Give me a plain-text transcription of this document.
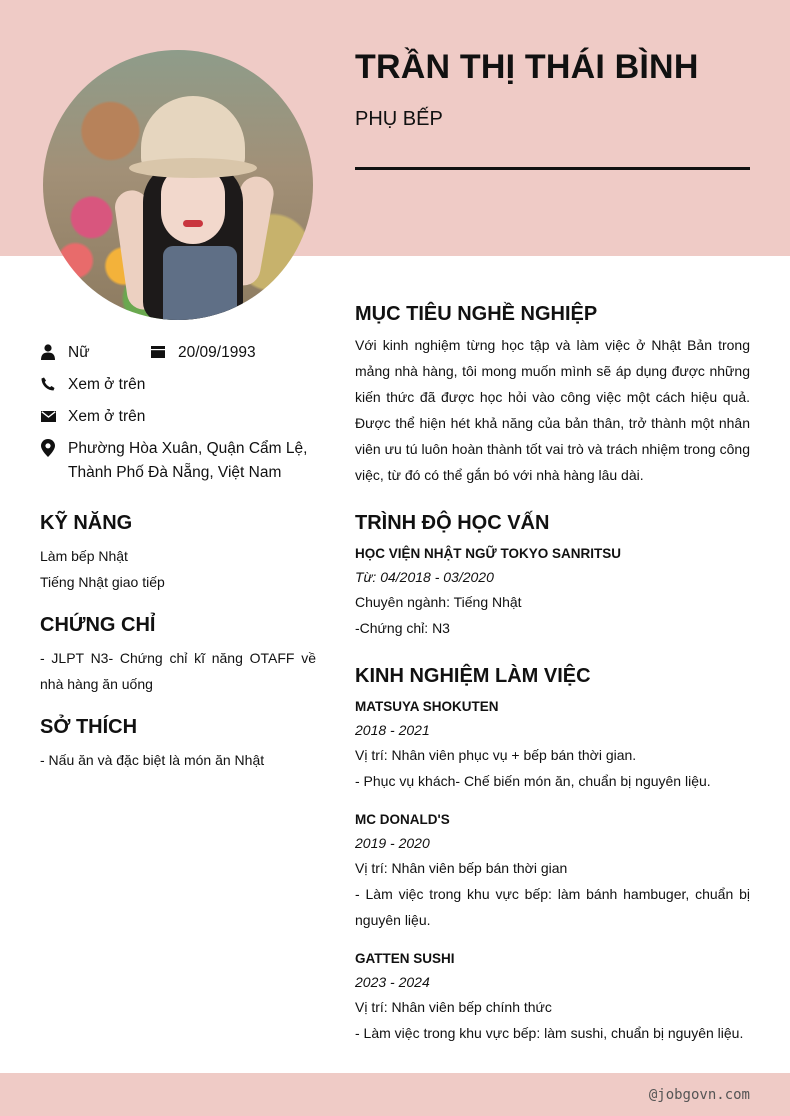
TRẦN THỊ THÁI BÌNH
PHỤ BẾP
Nữ	20/09/1993
Xem ở trên
Xem ở trên
Phường Hòa Xuân, Quận Cẩm Lệ, Thành Phố Đà Nẵng, Việt Nam
KỸ NĂNG
Làm bếp Nhật
Tiếng Nhật giao tiếp
CHỨNG CHỈ
- JLPT N3- Chứng chỉ kĩ năng OTAFF về nhà hàng ăn uống
SỞ THÍCH
- Nấu ăn và đặc biệt là món ăn Nhật
MỤC TIÊU NGHỀ NGHIỆP
Với kinh nghiệm từng học tập và làm việc ở Nhật Bản trong mảng nhà hàng, tôi mong muốn mình sẽ áp dụng được những kiến thức đã được học hỏi vào công việc một cách hiệu quả. Được thể hiện hét khả năng của bản thân, trở thành một nhân viên ưu tú luôn hoàn thành tốt vai trò và trách nhiệm trong công việc, từ đó có thể gắn bó với nhà hàng lâu dài.
TRÌNH ĐỘ HỌC VẤN
HỌC VIỆN NHẬT NGỮ TOKYO SANRITSU
Từ: 04/2018 - 03/2020
Chuyên ngành: Tiếng Nhật
-Chứng chỉ: N3
KINH NGHIỆM LÀM VIỆC
MATSUYA SHOKUTEN
2018 - 2021
Vị trí: Nhân viên phục vụ + bếp bán thời gian.
- Phục vụ khách- Chế biến món ăn, chuẩn bị nguyên liệu.
MC DONALD'S
2019 - 2020
Vị trí: Nhân viên bếp bán thời gian
- Làm việc trong khu vực bếp: làm bánh hambuger, chuẩn bị nguyên liệu.
GATTEN SUSHI
2023 - 2024
Vị trí: Nhân viên bếp chính thức
- Làm việc trong khu vực bếp: làm sushi, chuẩn bị nguyên liệu.
@jobgovn.com
